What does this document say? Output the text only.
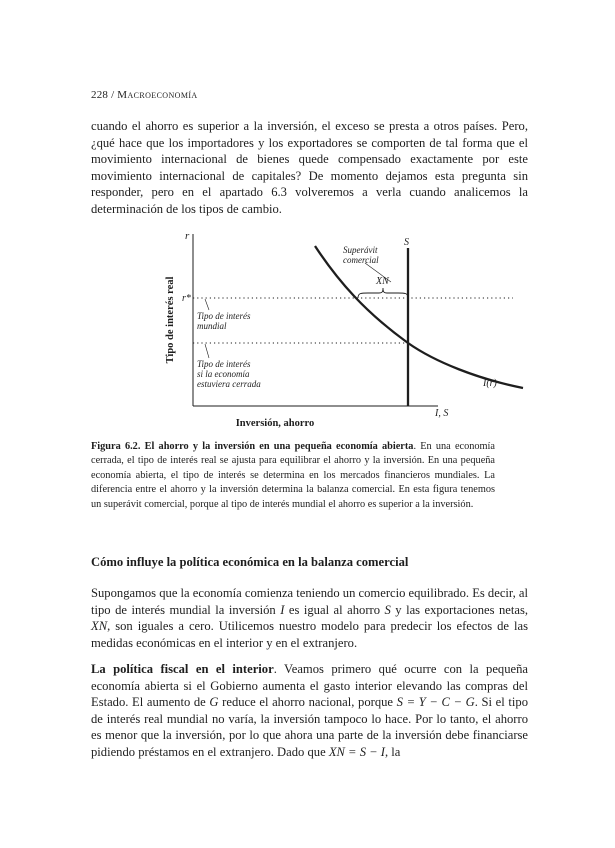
228 / Macroeconomía

cuando el ahorro es superior a la inversión, el exceso se presta a otros países. Pero, ¿qué hace que los importadores y los exportadores se comporten de tal forma que el movimiento internacional de bienes quede compensado exactamente por este movimiento internacional de capitales? De momento dejamos esta pregunta sin responder, pero en el apartado 6.3 volveremos a verla cuando analicemos la determinación de los tipos de cambio.

r
r*
S
I(r)
XN
Superávit
comercial
Tipo de interés
mundial
Tipo de interés
si la economía
estuviera cerrada
I, S
Inversión, ahorro
Tipo de interés real

Figura 6.2. El ahorro y la inversión en una pequeña economía abierta. En una economía cerrada, el tipo de interés real se ajusta para equilibrar el ahorro y la inversión. En una pequeña economía abierta, el tipo de interés se determina en los mercados financieros mundiales. La diferencia entre el ahorro y la inversión determina la balanza comercial. En esta figura tenemos un superávit comercial, porque al tipo de interés mundial el ahorro es superior a la inversión.

Cómo influye la política económica en la balanza comercial

Supongamos que la economía comienza teniendo un comercio equilibrado. Es decir, al tipo de interés mundial la inversión I es igual al ahorro S y las exportaciones netas, XN, son iguales a cero. Utilicemos nuestro modelo para predecir los efectos de las medidas económicas en el interior y en el extranjero.

La política fiscal en el interior. Veamos primero qué ocurre con la pequeña economía abierta si el Gobierno aumenta el gasto interior elevando las compras del Estado. El aumento de G reduce el ahorro nacional, porque S = Y − C − G. Si el tipo de interés real mundial no varía, la inversión tampoco lo hace. Por lo tanto, el ahorro es menor que la inversión, por lo que ahora una parte de la inversión debe financiarse pidiendo préstamos en el extranjero. Dado que XN = S − I, la
